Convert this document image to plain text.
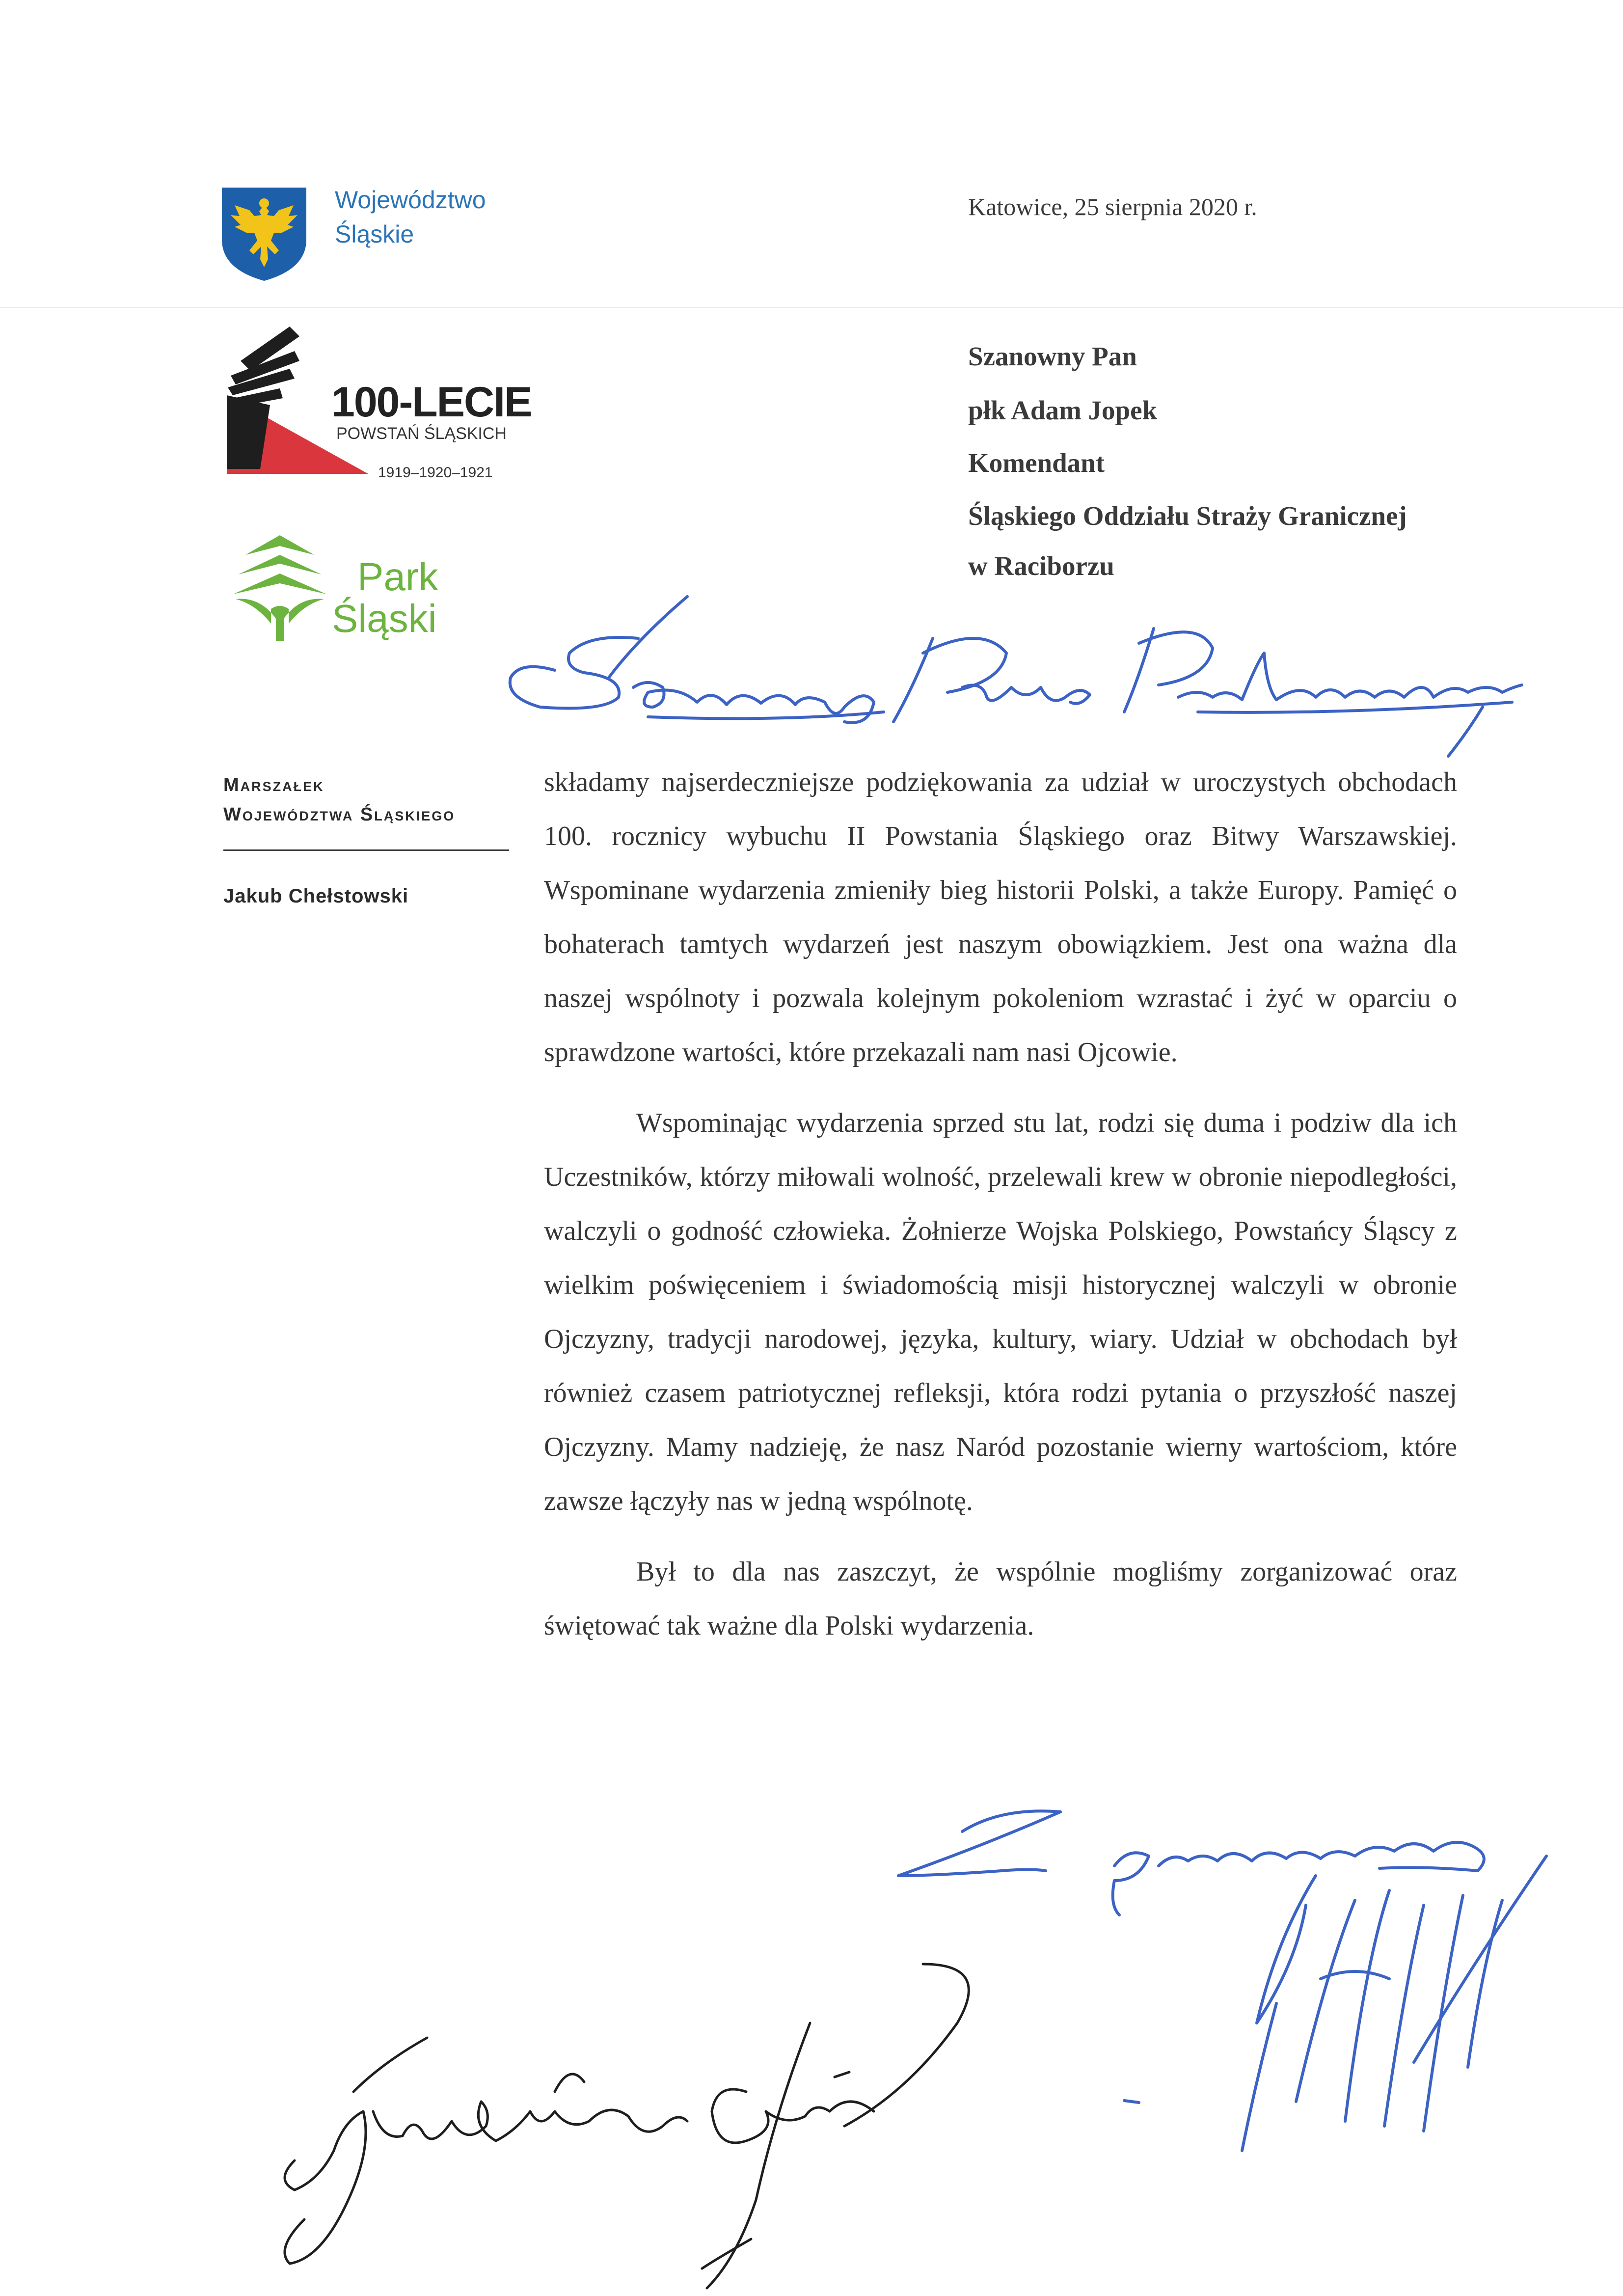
Województwo
Śląskie
Katowice, 25 sierpnia 2020 r.
100-LECIE
POWSTAŃ ŚLĄSKICH
1919–1920–1921
Park
Śląski
Szanowny Pan
płk Adam Jopek
Komendant
Śląskiego Oddziału Straży Granicznej
w Raciborzu
Marszałek
Województwa Śląskiego
Jakub Chełstowski

składamy najserdeczniejsze podziękowania za udział w uroczystych obchodach 100. rocznicy wybuchu II Powstania Śląskiego oraz Bitwy Warszawskiej. Wspominane wydarzenia zmieniły bieg historii Polski, a także Europy. Pamięć o bohaterach tamtych wydarzeń jest naszym obowiązkiem. Jest ona ważna dla naszej wspólnoty i pozwala kolejnym pokoleniom wzrastać i żyć w oparciu o sprawdzone wartości, które przekazali nam nasi Ojcowie.

Wspominając wydarzenia sprzed stu lat, rodzi się duma i podziw dla ich Uczestników, którzy miłowali wolność, przelewali krew w obronie niepodległości, walczyli o godność człowieka. Żołnierze Wojska Polskiego, Powstańcy Śląscy z wielkim poświęceniem i świadomością misji historycznej walczyli w obronie Ojczyzny, tradycji narodowej, języka, kultury, wiary. Udział w obchodach był również czasem patriotycznej refleksji, która rodzi pytania o przyszłość naszej Ojczyzny. Mamy nadzieję, że nasz Naród pozostanie wierny wartościom, które zawsze łączyły nas w jedną wspólnotę.

Był to dla nas zaszczyt, że wspólnie mogliśmy zorganizować oraz świętować tak ważne dla Polski wydarzenia.
